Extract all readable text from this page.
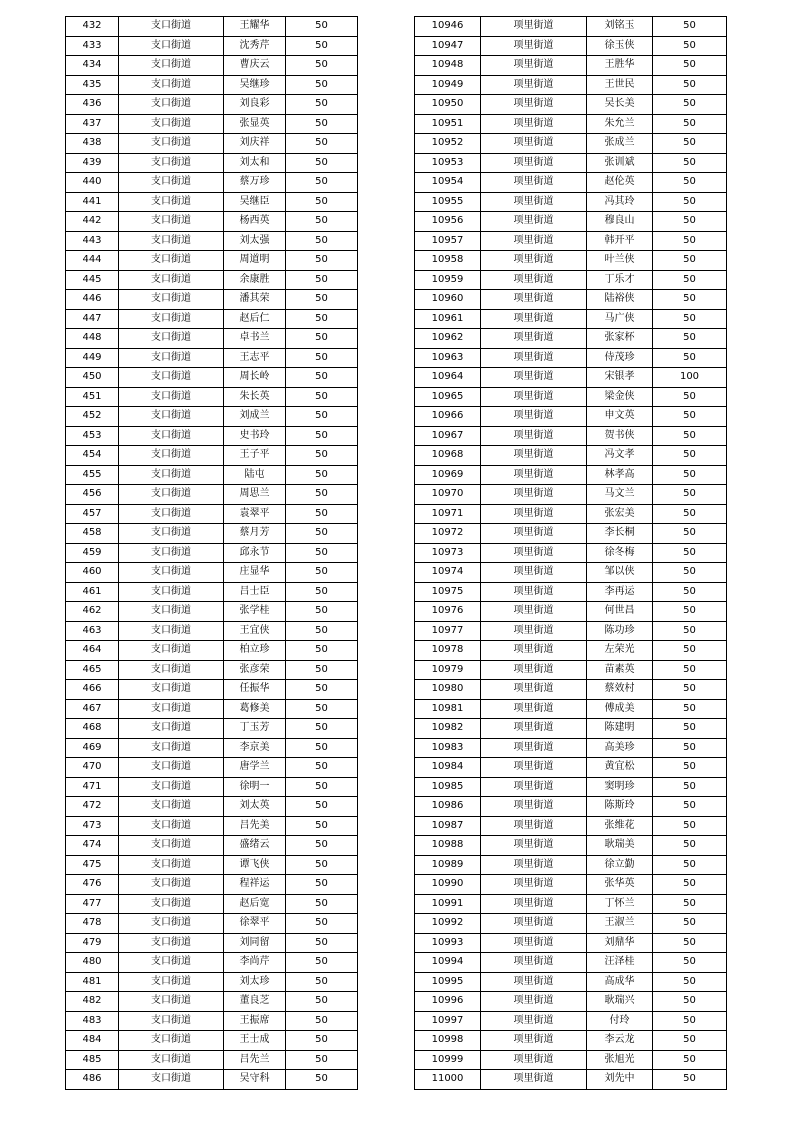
432	支口街道	王耀华	50
433	支口街道	沈秀芹	50
434	支口街道	曹庆云	50
435	支口街道	吴继珍	50
436	支口街道	刘良彩	50
437	支口街道	张显英	50
438	支口街道	刘庆祥	50
439	支口街道	刘太和	50
440	支口街道	蔡万珍	50
441	支口街道	吴继臣	50
442	支口街道	杨西英	50
443	支口街道	刘太强	50
444	支口街道	周道明	50
445	支口街道	余康胜	50
446	支口街道	潘其荣	50
447	支口街道	赵后仁	50
448	支口街道	卓书兰	50
449	支口街道	王志平	50
450	支口街道	周长岭	50
451	支口街道	朱长英	50
452	支口街道	刘成兰	50
453	支口街道	史书玲	50
454	支口街道	王子平	50
455	支口街道	陆屯	50
456	支口街道	周思兰	50
457	支口街道	袁翠平	50
458	支口街道	蔡月芳	50
459	支口街道	邱永节	50
460	支口街道	庄显华	50
461	支口街道	吕士臣	50
462	支口街道	张学桂	50
463	支口街道	王宜侠	50
464	支口街道	柏立珍	50
465	支口街道	张彦荣	50
466	支口街道	任振华	50
467	支口街道	葛修美	50
468	支口街道	丁玉芳	50
469	支口街道	李京美	50
470	支口街道	唐学兰	50
471	支口街道	徐明一	50
472	支口街道	刘太英	50
473	支口街道	吕先美	50
474	支口街道	盛绪云	50
475	支口街道	谭飞侠	50
476	支口街道	程祥运	50
477	支口街道	赵后宽	50
478	支口街道	徐翠平	50
479	支口街道	刘同留	50
480	支口街道	李尚芹	50
481	支口街道	刘太珍	50
482	支口街道	董良芝	50
483	支口街道	王振席	50
484	支口街道	王士成	50
485	支口街道	吕先兰	50
486	支口街道	吴守科	50
10946	项里街道	刘铭玉	50
10947	项里街道	徐玉侠	50
10948	项里街道	王胜华	50
10949	项里街道	王世民	50
10950	项里街道	吴长美	50
10951	项里街道	朱允兰	50
10952	项里街道	张成兰	50
10953	项里街道	张训斌	50
10954	项里街道	赵伦英	50
10955	项里街道	冯其玲	50
10956	项里街道	穆良山	50
10957	项里街道	韩开平	50
10958	项里街道	叶兰侠	50
10959	项里街道	丁乐才	50
10960	项里街道	陆裕侠	50
10961	项里街道	马广侠	50
10962	项里街道	张家杯	50
10963	项里街道	侍茂珍	50
10964	项里街道	宋银孝	100
10965	项里街道	梁金侠	50
10966	项里街道	申文英	50
10967	项里街道	贺书侠	50
10968	项里街道	冯文孝	50
10969	项里街道	林孝高	50
10970	项里街道	马文兰	50
10971	项里街道	张宏美	50
10972	项里街道	李长桐	50
10973	项里街道	徐冬梅	50
10974	项里街道	邹以侠	50
10975	项里街道	李再运	50
10976	项里街道	何世昌	50
10977	项里街道	陈功珍	50
10978	项里街道	左荣光	50
10979	项里街道	苗素英	50
10980	项里街道	蔡效村	50
10981	项里街道	傅成美	50
10982	项里街道	陈建明	50
10983	项里街道	高美珍	50
10984	项里街道	黄宜松	50
10985	项里街道	窦明珍	50
10986	项里街道	陈斯玲	50
10987	项里街道	张维花	50
10988	项里街道	耿瑞美	50
10989	项里街道	徐立勤	50
10990	项里街道	张华英	50
10991	项里街道	丁怀兰	50
10992	项里街道	王淑兰	50
10993	项里街道	刘鼎华	50
10994	项里街道	汪泽桂	50
10995	项里街道	高成华	50
10996	项里街道	耿瑞兴	50
10997	项里街道	付玲	50
10998	项里街道	李云龙	50
10999	项里街道	张旭光	50
11000	项里街道	刘先中	50
